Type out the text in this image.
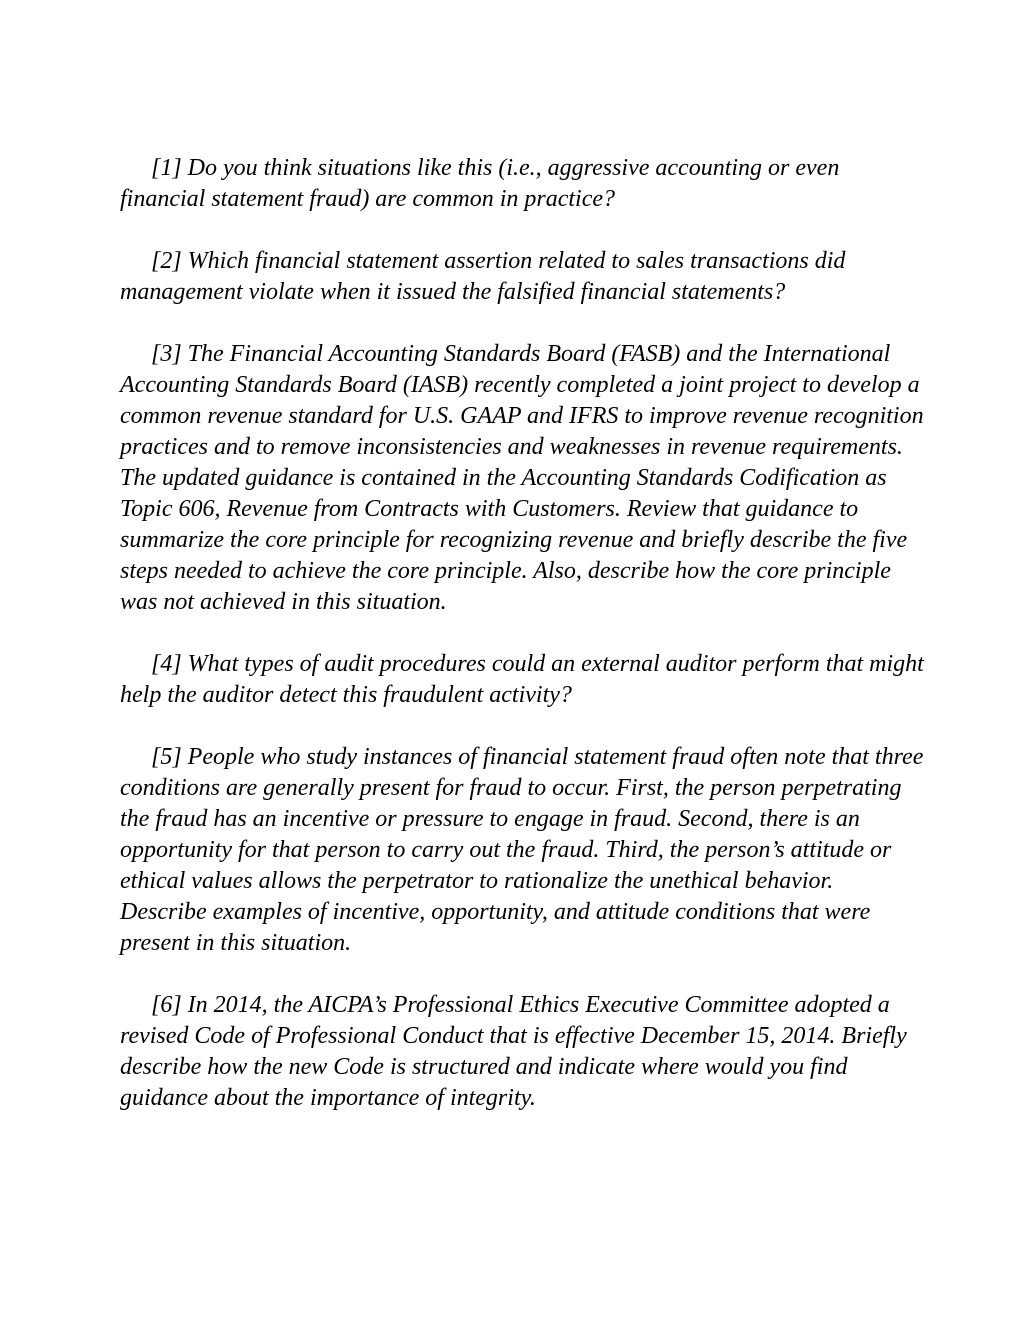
[1] Do you think situations like this (i.e., aggressive accounting or even financial statement fraud) are common in practice?

[2] Which financial statement assertion related to sales transactions did management violate when it issued the falsified financial statements?

[3] The Financial Accounting Standards Board (FASB) and the International Accounting Standards Board (IASB) recently completed a joint project to develop a common revenue standard for U.S. GAAP and IFRS to improve revenue recognition practices and to remove inconsistencies and weaknesses in revenue requirements. The updated guidance is contained in the Accounting Standards Codification as Topic 606, Revenue from Contracts with Customers. Review that guidance to summarize the core principle for recognizing revenue and briefly describe the five steps needed to achieve the core principle. Also, describe how the core principle was not achieved in this situation.

[4] What types of audit procedures could an external auditor perform that might help the auditor detect this fraudulent activity?

[5] People who study instances of financial statement fraud often note that three conditions are generally present for fraud to occur. First, the person perpetrating the fraud has an incentive or pressure to engage in fraud. Second, there is an opportunity for that person to carry out the fraud. Third, the person’s attitude or ethical values allows the perpetrator to rationalize the unethical behavior. Describe examples of incentive, opportunity, and attitude conditions that were present in this situation.

[6] In 2014, the AICPA’s Professional Ethics Executive Committee adopted a revised Code of Professional Conduct that is effective December 15, 2014. Briefly describe how the new Code is structured and indicate where would you find guidance about the importance of integrity.
